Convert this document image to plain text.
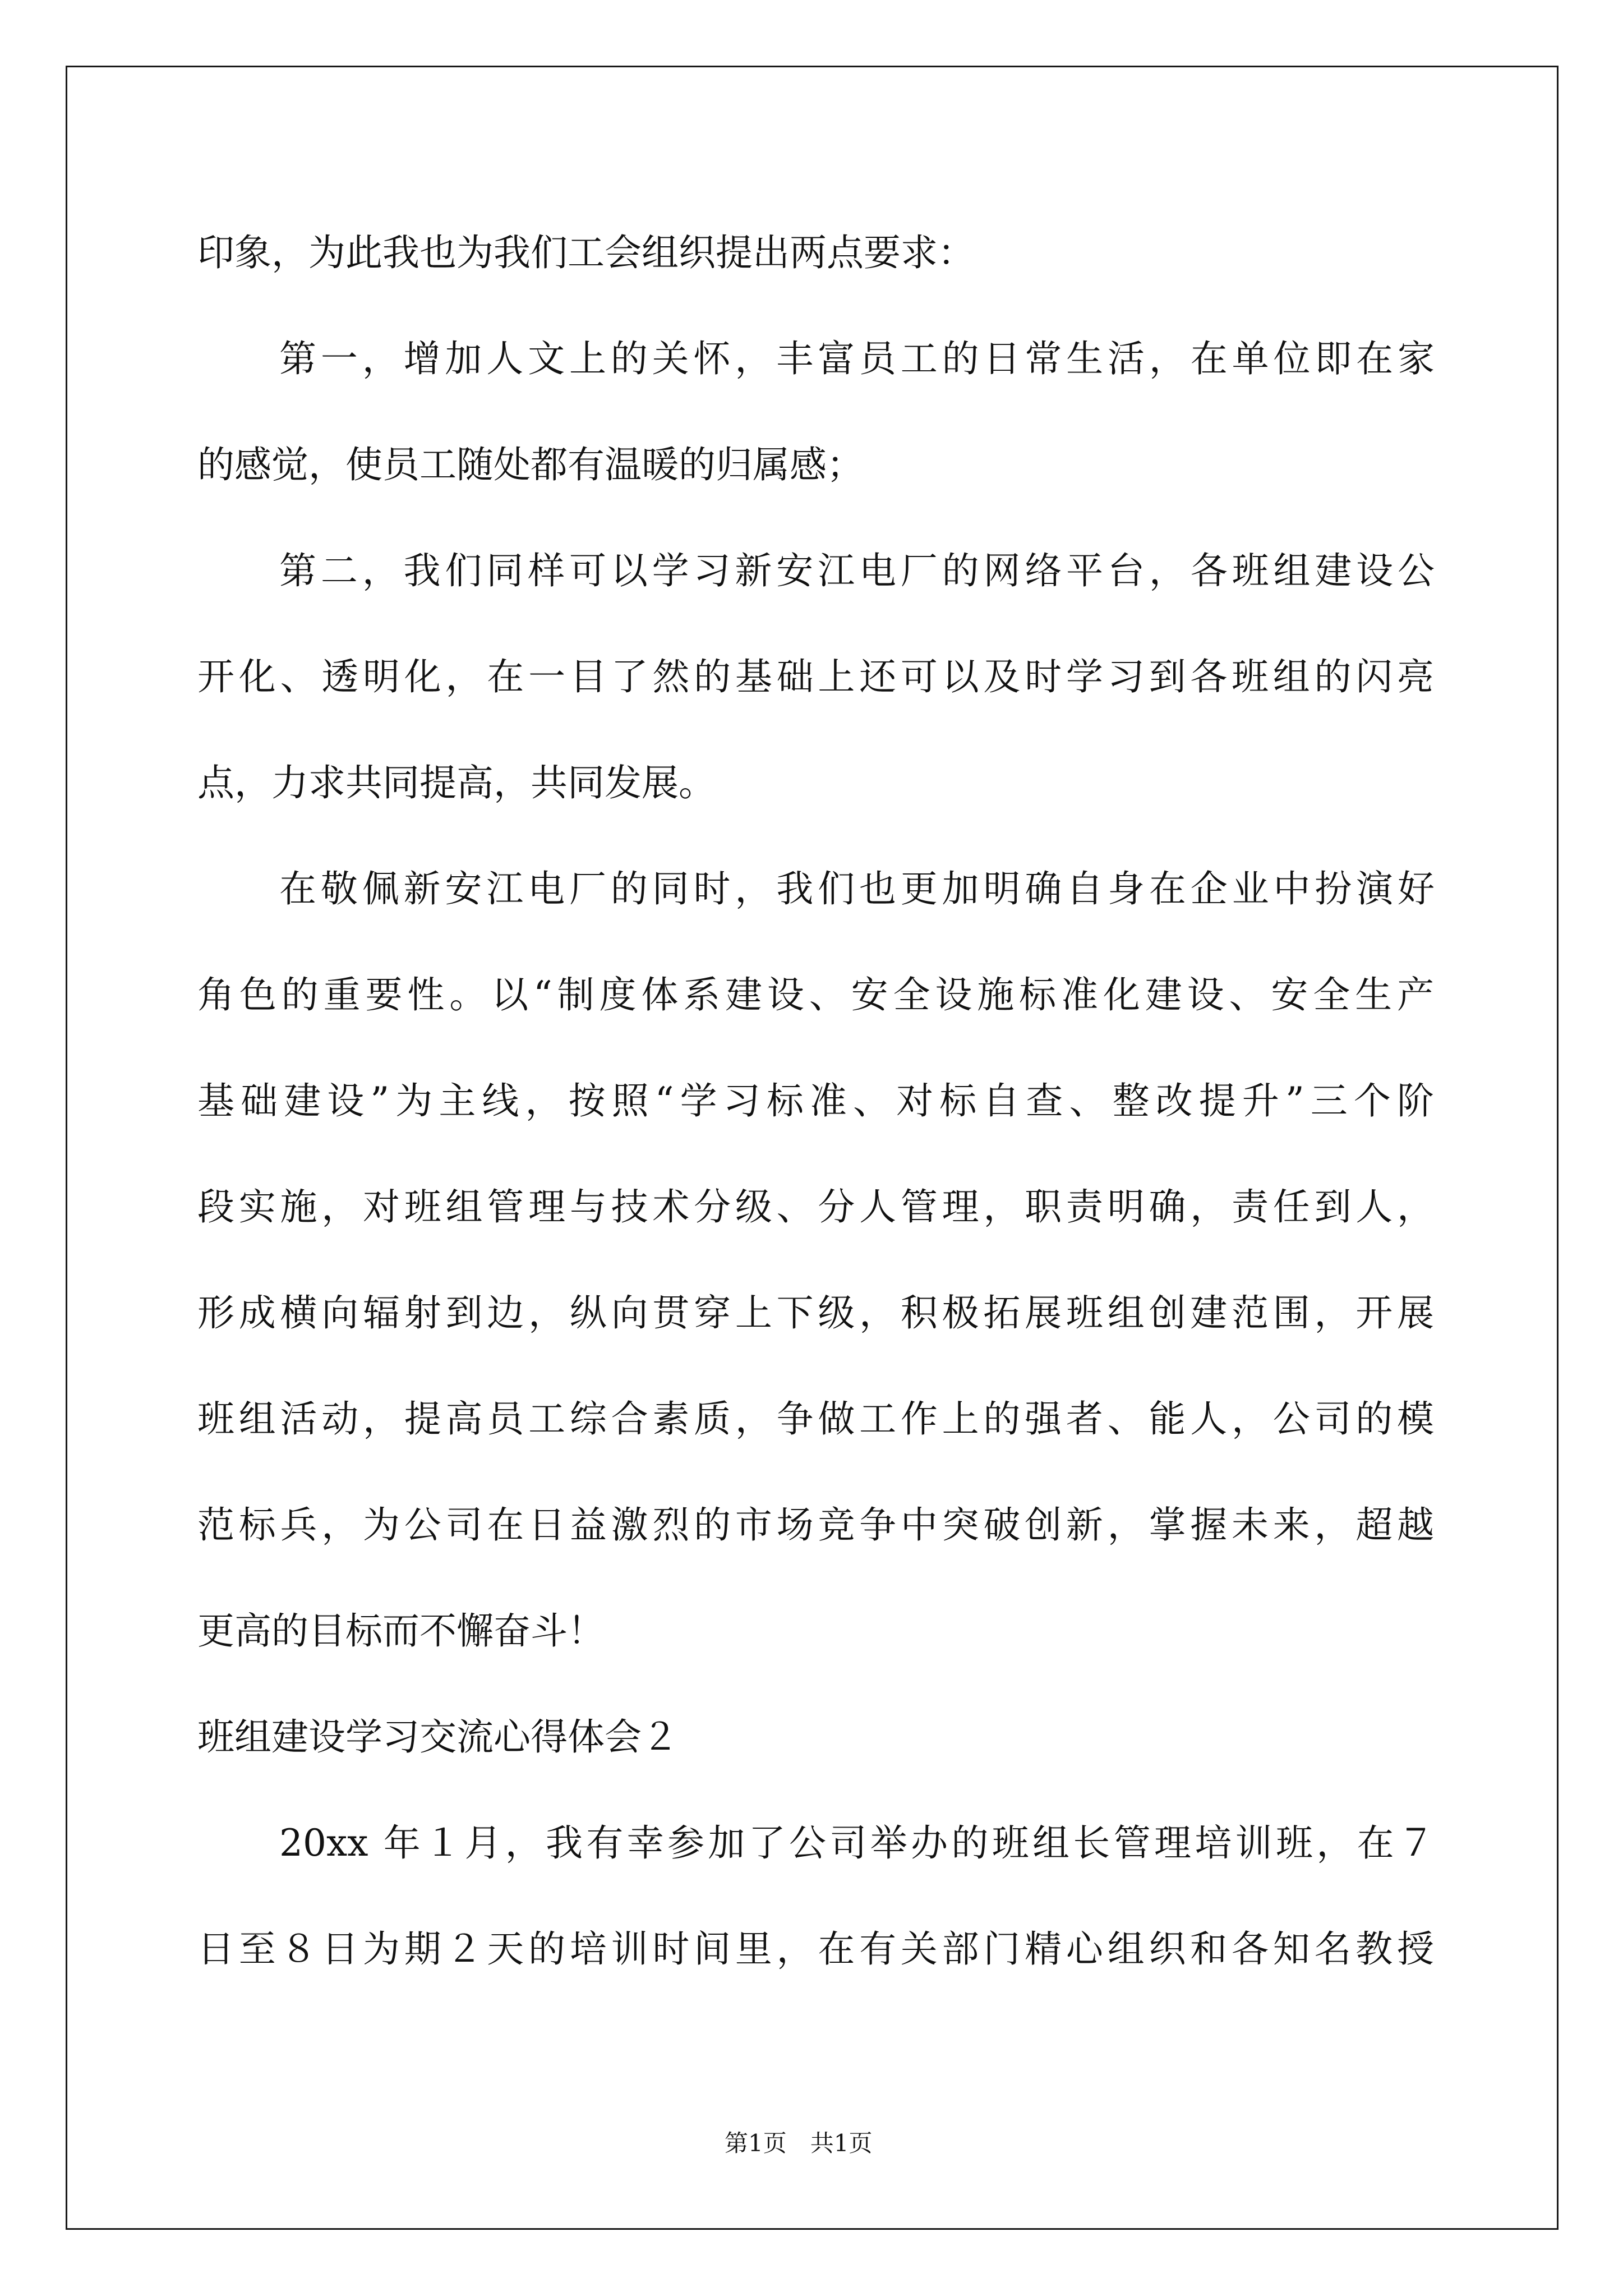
印象，为此我也为我们工会组织提出两点要求：

第一，增加人文上的关怀，丰富员工的日常生活，在单位即在家

的感觉，使员工随处都有温暖的归属感；

第二，我们同样可以学习新安江电厂的网络平台，各班组建设公

开化、透明化，在一目了然的基础上还可以及时学习到各班组的闪亮

点，力求共同提高，共同发展。

在敬佩新安江电厂的同时，我们也更加明确自身在企业中扮演好

角色的重要性。以“制度体系建设、安全设施标准化建设、安全生产

基础建设”为主线，按照“学习标准、对标自查、整改提升”三个阶

段实施，对班组管理与技术分级、分人管理，职责明确，责任到人，

形成横向辐射到边，纵向贯穿上下级，积极拓展班组创建范围，开展

班组活动，提高员工综合素质，争做工作上的强者、能人，公司的模

范标兵，为公司在日益激烈的市场竞争中突破创新，掌握未来，超越

更高的目标而不懈奋斗！

班组建设学习交流心得体会２

20xx 年１月，我有幸参加了公司举办的班组长管理培训班，在７

日至８日为期２天的培训时间里，在有关部门精心组织和各知名教授

第1页　共1页
